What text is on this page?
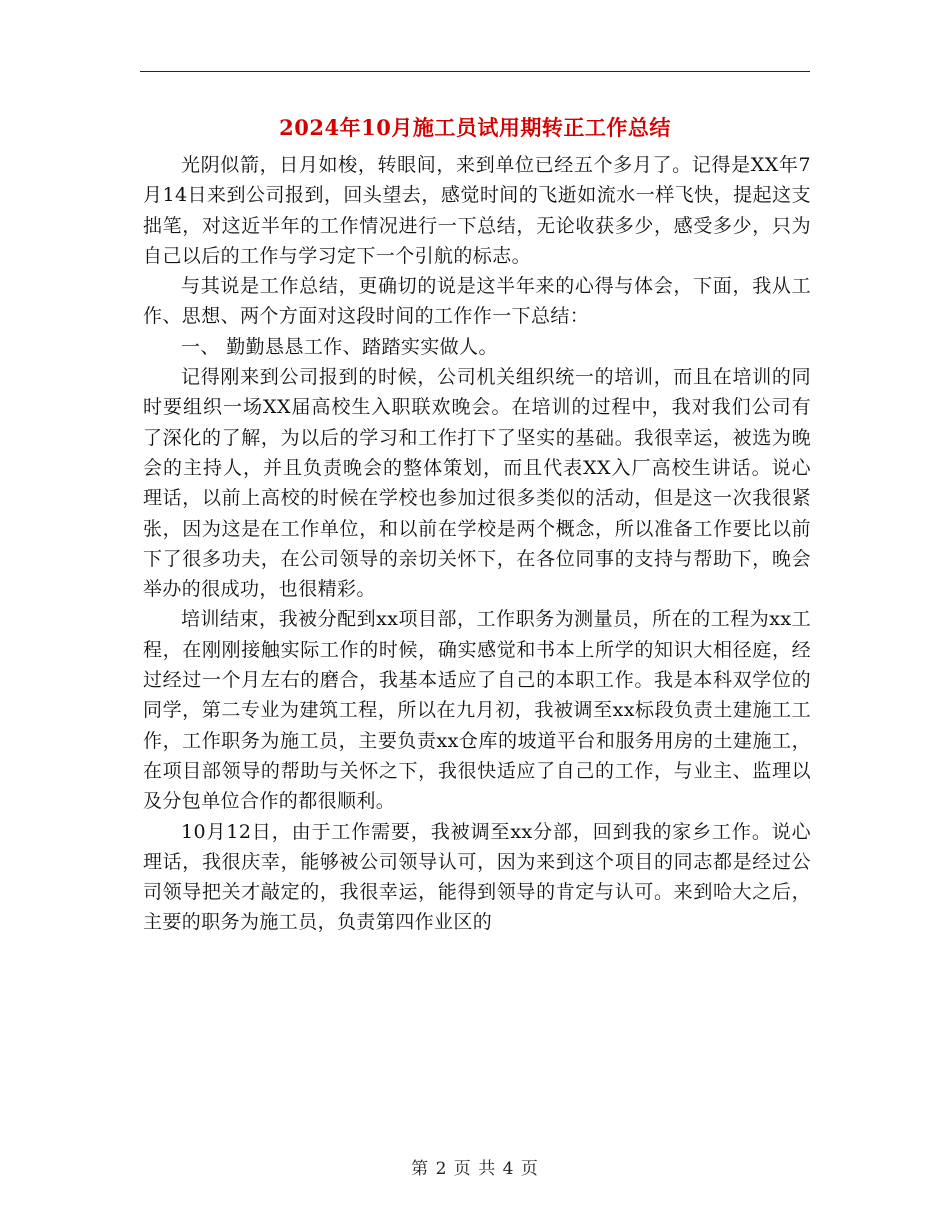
2024年10月施工员试用期转正工作总结

光阴似箭，日月如梭，转眼间，来到单位已经五个多月了。记得是XX年7月14日来到公司报到，回头望去，感觉时间的飞逝如流水一样飞快，提起这支拙笔，对这近半年的工作情况进行一下总结，无论收获多少，感受多少，只为自己以后的工作与学习定下一个引航的标志。

与其说是工作总结，更确切的说是这半年来的心得与体会，下面，我从工作、思想、两个方面对这段时间的工作作一下总结：

一、 勤勤恳恳工作、踏踏实实做人。

记得刚来到公司报到的时候，公司机关组织统一的培训，而且在培训的同时要组织一场XX届高校生入职联欢晚会。在培训的过程中，我对我们公司有了深化的了解，为以后的学习和工作打下了坚实的基础。我很幸运，被选为晚会的主持人，并且负责晚会的整体策划，而且代表XX入厂高校生讲话。说心理话，以前上高校的时候在学校也参加过很多类似的活动，但是这一次我很紧张，因为这是在工作单位，和以前在学校是两个概念，所以准备工作要比以前下了很多功夫，在公司领导的亲切关怀下，在各位同事的支持与帮助下，晚会举办的很成功，也很精彩。

培训结束，我被分配到xx项目部，工作职务为测量员，所在的工程为xx工程，在刚刚接触实际工作的时候，确实感觉和书本上所学的知识大相径庭，经过经过一个月左右的磨合，我基本适应了自己的本职工作。我是本科双学位的同学，第二专业为建筑工程，所以在九月初，我被调至xx标段负责土建施工工作，工作职务为施工员，主要负责xx仓库的坡道平台和服务用房的土建施工，在项目部领导的帮助与关怀之下，我很快适应了自己的工作，与业主、监理以及分包单位合作的都很顺利。

10月12日，由于工作需要，我被调至xx分部，回到我的家乡工作。说心理话，我很庆幸，能够被公司领导认可，因为来到这个项目的同志都是经过公司领导把关才敲定的，我很幸运，能得到领导的肯定与认可。来到哈大之后，主要的职务为施工员，负责第四作业区的

第 2 页 共 4 页
